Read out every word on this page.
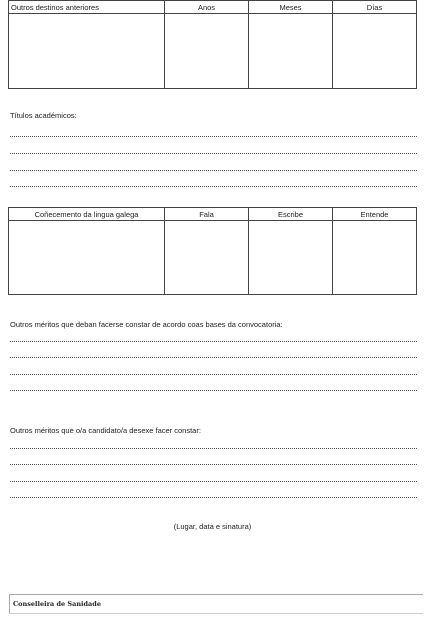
Outros destinos anteriores	Anos	Meses	Días

Títulos académicos:
Coñecemento da lingua galega	Fala	Escribe	Entende

Outros méritos que deban facerse constar de acordo coas bases da convocatoria:
Outros méritos que o/a candidato/a desexe facer constar:
(Lugar, data e sinatura)
Conselleira de Sanidade
